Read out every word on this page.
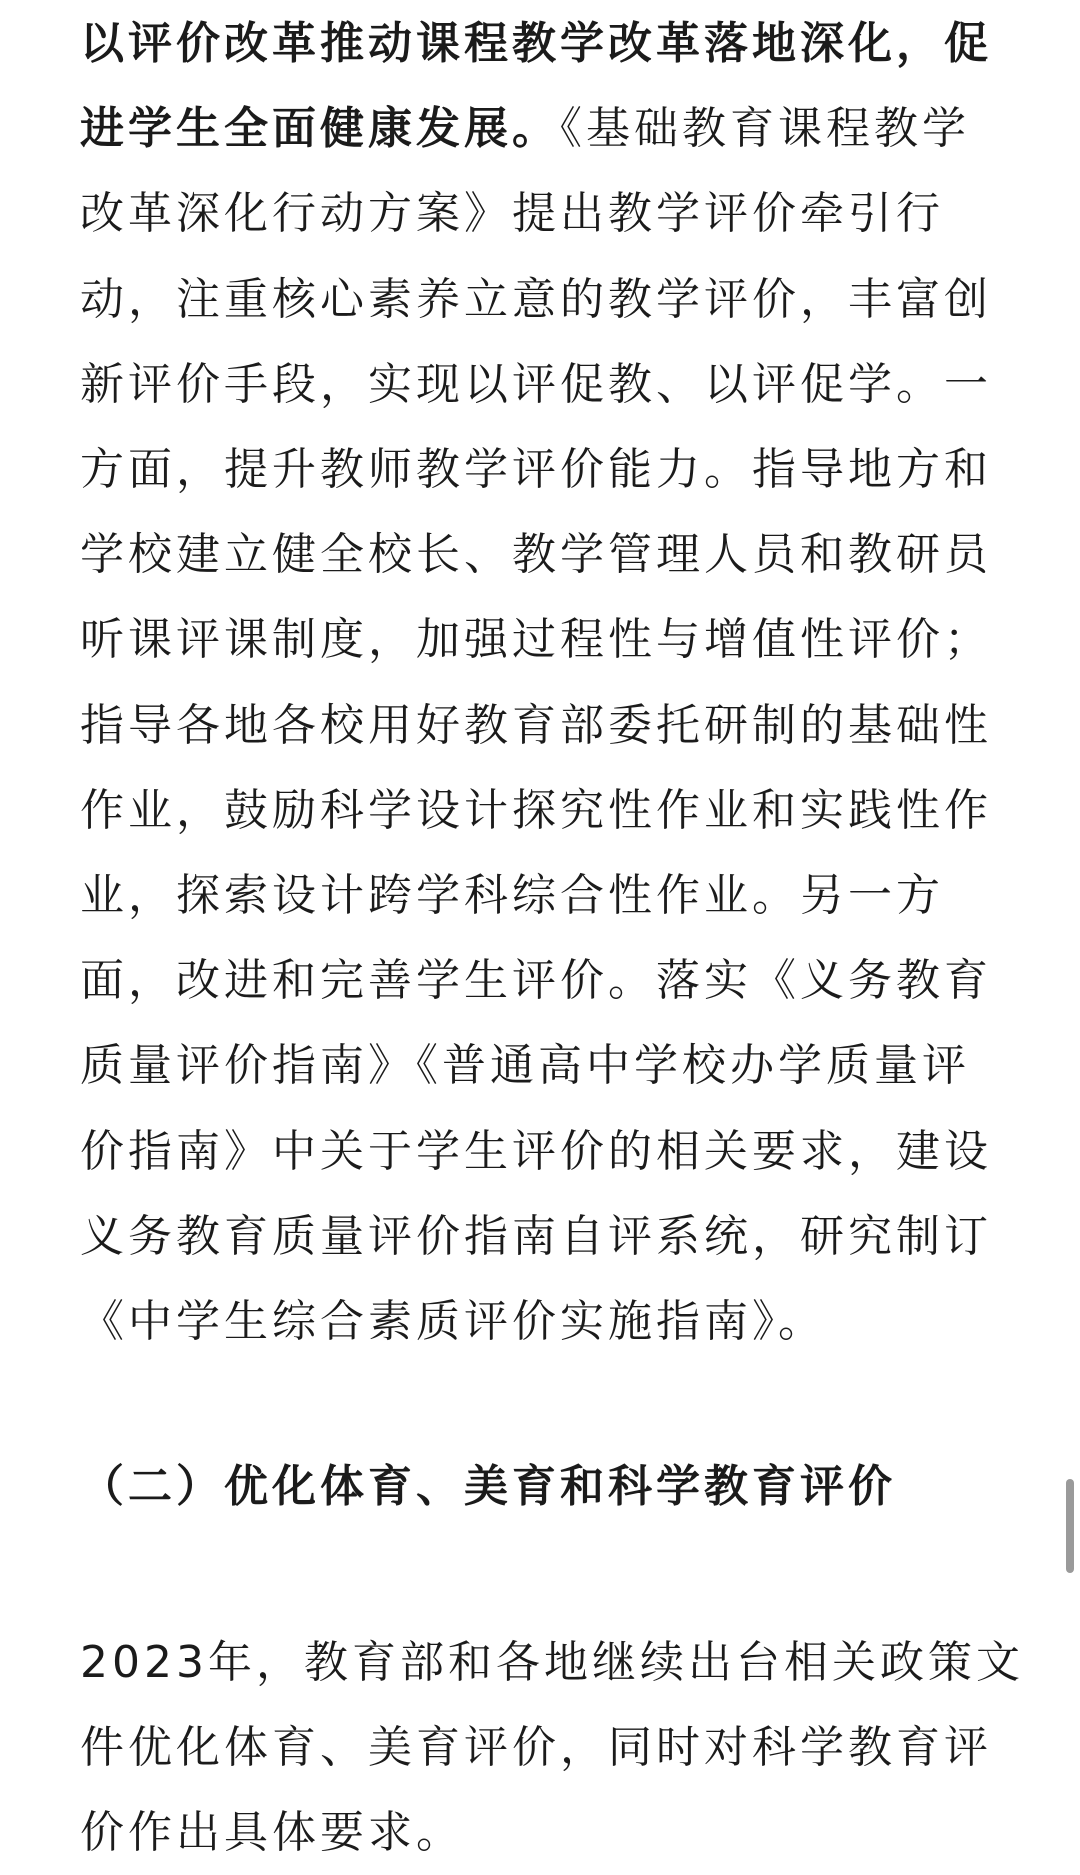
以评价改革推动课程教学改革落地深化，促
进学生全面健康发展。《基础教育课程教学
改革深化行动方案》提出教学评价牵引行
动，注重核心素养立意的教学评价，丰富创
新评价手段，实现以评促教、以评促学。一
方面，提升教师教学评价能力。指导地方和
学校建立健全校长、教学管理人员和教研员
听课评课制度，加强过程性与增值性评价；
指导各地各校用好教育部委托研制的基础性
作业，鼓励科学设计探究性作业和实践性作
业，探索设计跨学科综合性作业。另一方
面，改进和完善学生评价。落实《义务教育
质量评价指南》《普通高中学校办学质量评
价指南》中关于学生评价的相关要求，建设
义务教育质量评价指南自评系统，研究制订
《中学生综合素质评价实施指南》。
2023年，教育部和各地继续出台相关政策文
件优化体育、美育评价，同时对科学教育评
价作出具体要求。
（二）优化体育、美育和科学教育评价
